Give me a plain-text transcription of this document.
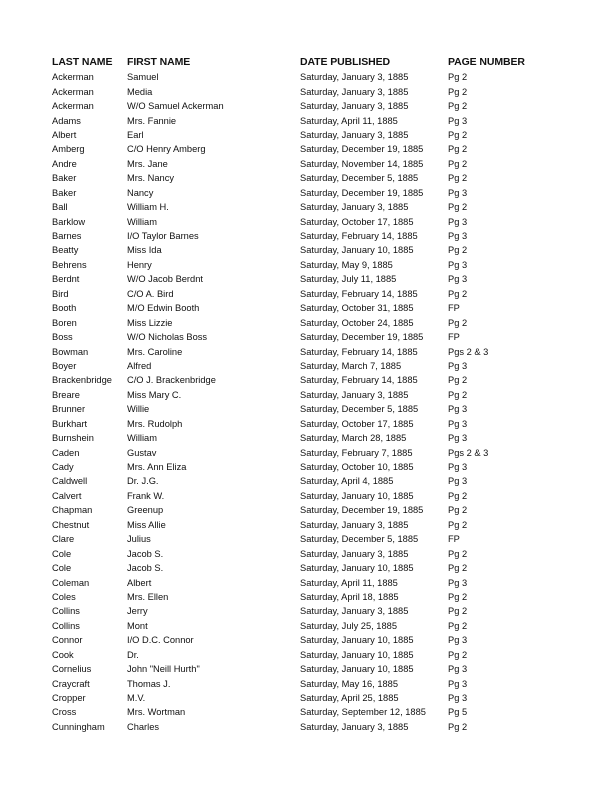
LAST NAME	FIRST NAME	DATE PUBLISHED	PAGE NUMBER
Ackerman	Samuel	Saturday, January 3, 1885	Pg 2
Ackerman	Media	Saturday, January 3, 1885	Pg 2
Ackerman	W/O Samuel Ackerman	Saturday, January 3, 1885	Pg 2
Adams	Mrs. Fannie	Saturday, April 11, 1885	Pg 3
Albert	Earl	Saturday, January 3, 1885	Pg 2
Amberg	C/O Henry Amberg	Saturday, December 19, 1885	Pg 2
Andre	Mrs. Jane	Saturday, November 14, 1885	Pg 2
Baker	Mrs. Nancy	Saturday, December 5, 1885	Pg 2
Baker	Nancy	Saturday, December 19, 1885	Pg 3
Ball	William H.	Saturday, January 3, 1885	Pg 2
Barklow	William	Saturday, October 17, 1885	Pg 3
Barnes	I/O Taylor Barnes	Saturday, February 14, 1885	Pg 3
Beatty	Miss Ida	Saturday, January 10, 1885	Pg 2
Behrens	Henry	Saturday, May 9, 1885	Pg 3
Berdnt	W/O Jacob Berdnt	Saturday, July 11, 1885	Pg 3
Bird	C/O A. Bird	Saturday, February 14, 1885	Pg 2
Booth	M/O Edwin Booth	Saturday, October 31, 1885	FP
Boren	Miss Lizzie	Saturday, October 24, 1885	Pg 2
Boss	W/O Nicholas Boss	Saturday, December 19, 1885	FP
Bowman	Mrs. Caroline	Saturday, February 14, 1885	Pgs 2 & 3
Boyer	Alfred	Saturday, March 7, 1885	Pg 3
Brackenbridge	C/O J. Brackenbridge	Saturday, February 14, 1885	Pg 2
Breare	Miss Mary C.	Saturday, January 3, 1885	Pg 2
Brunner	Willie	Saturday, December 5, 1885	Pg 3
Burkhart	Mrs. Rudolph	Saturday, October 17, 1885	Pg 3
Burnshein	William	Saturday, March 28, 1885	Pg 3
Caden	Gustav	Saturday, February 7, 1885	Pgs 2 & 3
Cady	Mrs. Ann Eliza	Saturday, October 10, 1885	Pg 3
Caldwell	Dr. J.G.	Saturday, April 4, 1885	Pg 3
Calvert	Frank W.	Saturday, January 10, 1885	Pg 2
Chapman	Greenup	Saturday, December 19, 1885	Pg 2
Chestnut	Miss Allie	Saturday, January 3, 1885	Pg 2
Clare	Julius	Saturday, December 5, 1885	FP
Cole	Jacob S.	Saturday, January 3, 1885	Pg 2
Cole	Jacob S.	Saturday, January 10, 1885	Pg 2
Coleman	Albert	Saturday, April 11, 1885	Pg 3
Coles	Mrs. Ellen	Saturday, April 18, 1885	Pg 2
Collins	Jerry	Saturday, January 3, 1885	Pg 2
Collins	Mont	Saturday, July 25, 1885	Pg 2
Connor	I/O D.C. Connor	Saturday, January 10, 1885	Pg 3
Cook	Dr.	Saturday, January 10, 1885	Pg 2
Cornelius	John "Neill Hurth"	Saturday, January 10, 1885	Pg 3
Craycraft	Thomas J.	Saturday, May 16, 1885	Pg 3
Cropper	M.V.	Saturday, April 25, 1885	Pg 3
Cross	Mrs. Wortman	Saturday, September 12, 1885	Pg 5
Cunningham	Charles	Saturday, January 3, 1885	Pg 2
